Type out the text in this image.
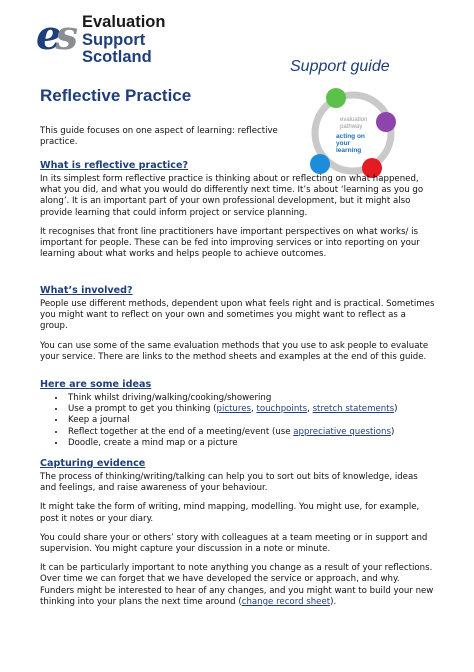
es Evaluation
Support
Scotland
Support guide
Reflective Practice
evaluation
pathway
acting on
your
learning

This guide focuses on one aspect of learning: reflective practice.

What is reflective practice?

In its simplest form reflective practice is thinking about or reflecting on what happened, what you did, and what you would do differently next time. It’s about ‘learning as you go along’. It is an important part of your own professional development, but it might also provide learning that could inform project or service planning.

It recognises that front line practitioners have important perspectives on what works/ is important for people. These can be fed into improving services or into reporting on your learning about what works and helps people to achieve outcomes.

What’s involved?

People use different methods, dependent upon what feels right and is practical. Sometimes you might want to reflect on your own and sometimes you might want to reflect as a group.

You can use some of the same evaluation methods that you use to ask people to evaluate your service. There are links to the method sheets and examples at the end of this guide.

Here are some ideas
• Think whilst driving/walking/cooking/showering
• Use a prompt to get you thinking (pictures, touchpoints, stretch statements)
• Keep a journal
• Reflect together at the end of a meeting/event (use appreciative questions)
• Doodle, create a mind map or a picture
Capturing evidence

The process of thinking/writing/talking can help you to sort out bits of knowledge, ideas and feelings, and raise awareness of your behaviour.

It might take the form of writing, mind mapping, modelling. You might use, for example, post it notes or your diary.

You could share your or others’ story with colleagues at a team meeting or in support and supervision. You might capture your discussion in a note or minute.

It can be particularly important to note anything you change as a result of your reflections. Over time we can forget that we have developed the service or approach, and why. Funders might be interested to hear of any changes, and you might want to build your new thinking into your plans the next time around (change record sheet).
